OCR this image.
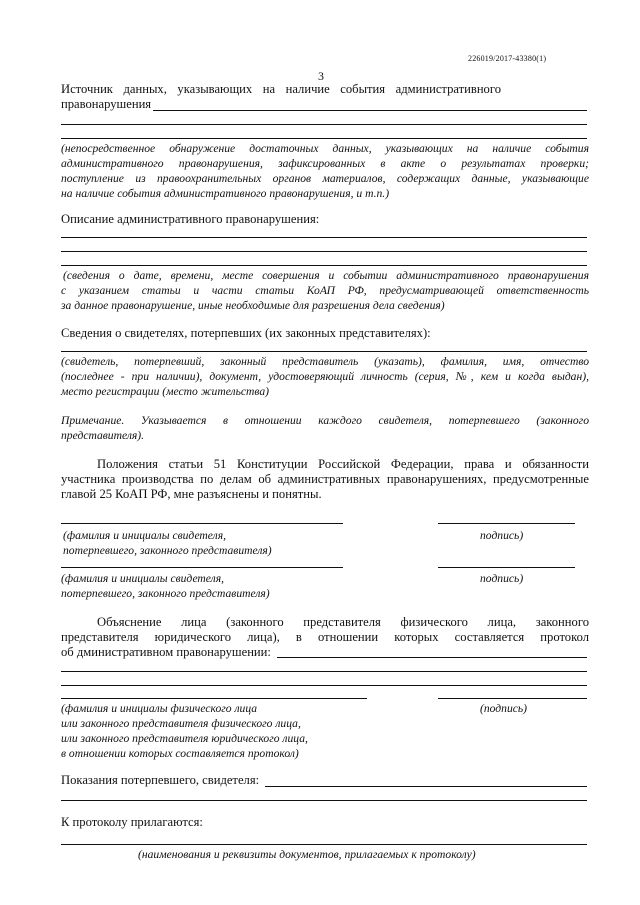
226019/2017-43380(1)
3
Источник данных, указывающих на наличие события административного
правонарушения
(непосредственное обнаружение достаточных данных, указывающих на наличие события
административного правонарушения, зафиксированных в акте о результатах проверки;
поступление из правоохранительных органов материалов, содержащих данные, указывающие
на наличие события административного правонарушения, и т.п.)
Описание административного правонарушения:
(сведения о дате, времени, месте совершения и событии административного правонарушения
с указанием статьи и части статьи КоАП РФ, предусматривающей ответственность
за данное правонарушение, иные необходимые для разрешения дела сведения)
Сведения о свидетелях, потерпевших (их законных представителях):
(свидетель, потерпевший, законный представитель (указать), фамилия, имя, отчество
(последнее - при наличии), документ, удостоверяющий личность (серия, №, кем и когда выдан),
место регистрации (место жительства)
Примечание. Указывается в отношении каждого свидетеля, потерпевшего (законного
представителя).
Положения статьи 51 Конституции Российской Федерации, права и обязанности
участника производства по делам об административных правонарушениях, предусмотренные
главой 25 КоАП РФ, мне разъяснены и понятны.
(фамилия и инициалы свидетеля,
потерпевшего, законного представителя)
подпись)
(фамилия и инициалы свидетеля,
потерпевшего, законного представителя)
подпись)
Объяснение лица (законного представителя физического лица, законного
представителя юридического лица), в отношении которых составляется протокол
об дминистративном правонарушении:
(фамилия и инициалы физического лица
или законного представителя физического лица,
или законного представителя юридического лица,
в отношении которых составляется протокол)
(подпись)
Показания потерпевшего, свидетеля:
К протоколу прилагаются:
(наименования и реквизиты документов, прилагаемых к протоколу)
